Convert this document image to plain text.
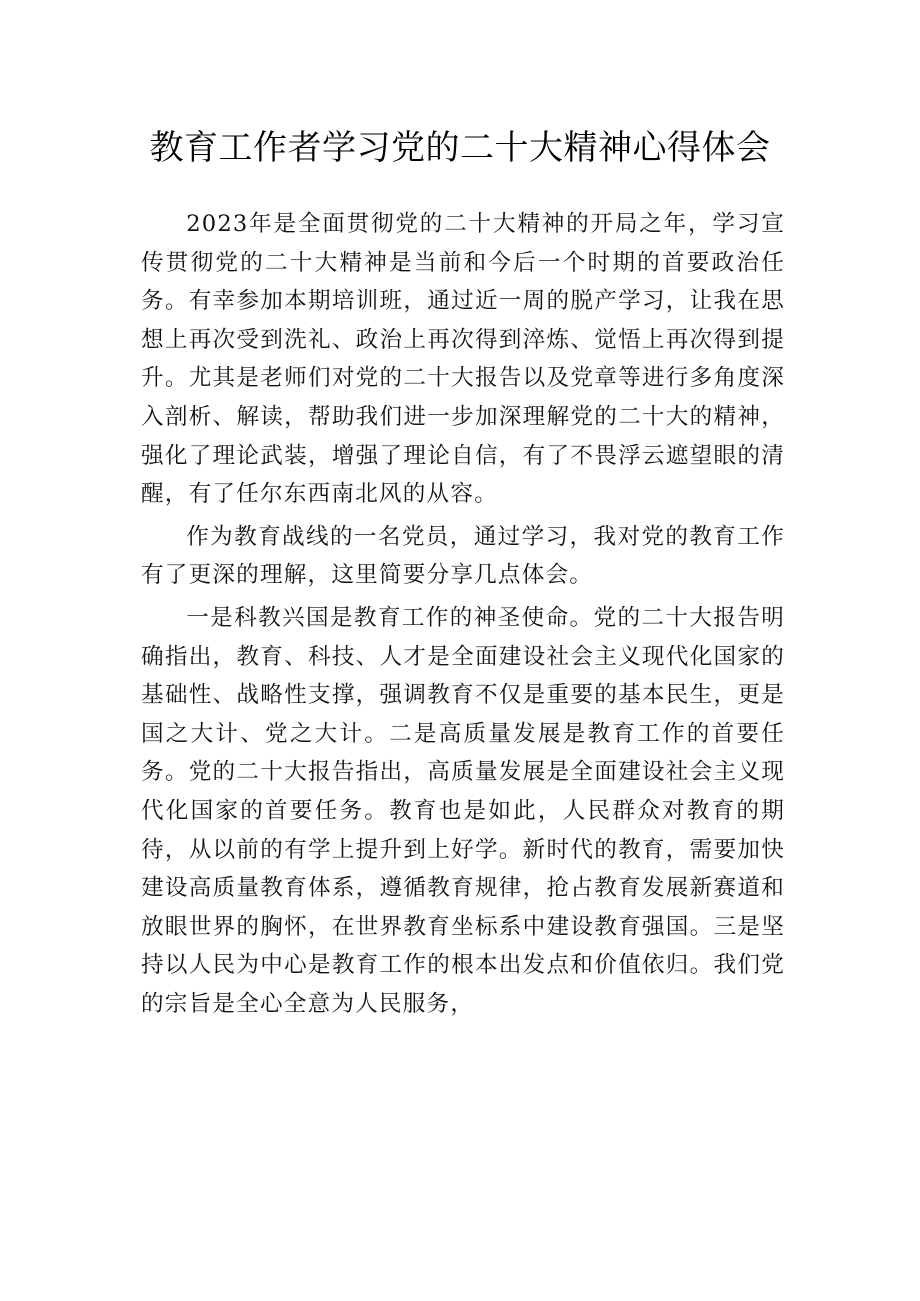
教育工作者学习党的二十大精神心得体会

2023年是全面贯彻党的二十大精神的开局之年，学习宣传贯彻党的二十大精神是当前和今后一个时期的首要政治任务。有幸参加本期培训班，通过近一周的脱产学习，让我在思想上再次受到洗礼、政治上再次得到淬炼、觉悟上再次得到提升。尤其是老师们对党的二十大报告以及党章等进行多角度深入剖析、解读，帮助我们进一步加深理解党的二十大的精神，强化了理论武装，增强了理论自信，有了不畏浮云遮望眼的清醒，有了任尔东西南北风的从容。

作为教育战线的一名党员，通过学习，我对党的教育工作有了更深的理解，这里简要分享几点体会。

一是科教兴国是教育工作的神圣使命。党的二十大报告明确指出，教育、科技、人才是全面建设社会主义现代化国家的基础性、战略性支撑，强调教育不仅是重要的基本民生，更是国之大计、党之大计。二是高质量发展是教育工作的首要任务。党的二十大报告指出，高质量发展是全面建设社会主义现代化国家的首要任务。教育也是如此，人民群众对教育的期待，从以前的有学上提升到上好学。新时代的教育，需要加快建设高质量教育体系，遵循教育规律，抢占教育发展新赛道和放眼世界的胸怀，在世界教育坐标系中建设教育强国。三是坚持以人民为中心是教育工作的根本出发点和价值依归。我们党的宗旨是全心全意为人民服务，
